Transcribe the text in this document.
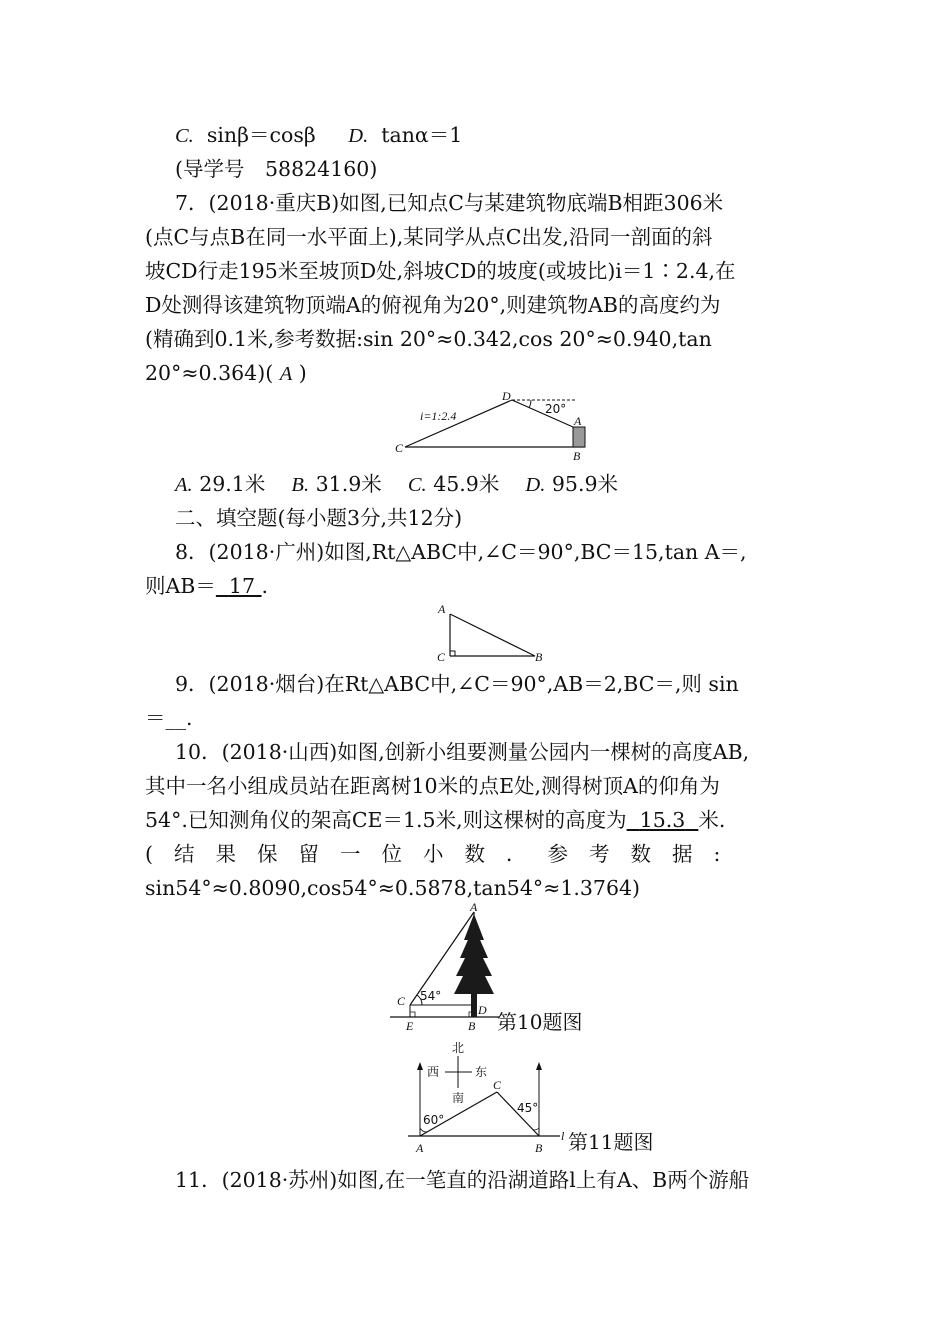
C. sinβ＝cosβ D. tanα＝1
(导学号　58824160)
7．(2018·重庆B)如图,已知点C与某建筑物底端B相距306米
(点C与点B在同一水平面上),某同学从点C出发,沿同一剖面的斜
坡CD行走195米至坡顶D处,斜坡CD的坡度(或坡比)i＝1∶2.4,在
D处测得该建筑物顶端A的俯视角为20°,则建筑物AB的高度约为
(精确到0.1米,参考数据:sin 20°≈0.342,cos 20°≈0.940,tan
20°≈0.364)( A )
i=1:2.4	20°
C
D
A
B
A. 29.1米 B. 31.9米 C. 45.9米 D. 95.9米
二、填空题(每小题3分,共12分)
8．(2018·广州)如图,Rt△ABC中,∠C＝90°,BC＝15,tan A＝,
则AB＝ 17 .
A
C	B
9．(2018·烟台)在Rt△ABC中,∠C＝90°,AB＝2,BC＝,则 sin
＝__.
10．(2018·山西)如图,创新小组要测量公园内一棵树的高度AB,
其中一名小组成员站在距离树10米的点E处,测得树顶A的仰角为
54°.已知测角仪的架高CE＝1.5米,则这棵树的高度为 15.3 米.
(结果保留一位小数．参考数据:
sin54°≈0.8090,cos54°≈0.5878,tan54°≈1.3764)
A
C 54°
E	B
D 第10题图
北
南
西	东
60°
45°
A	B
C
l 第11题图
11．(2018·苏州)如图,在一笔直的沿湖道路l上有A、B两个游船
